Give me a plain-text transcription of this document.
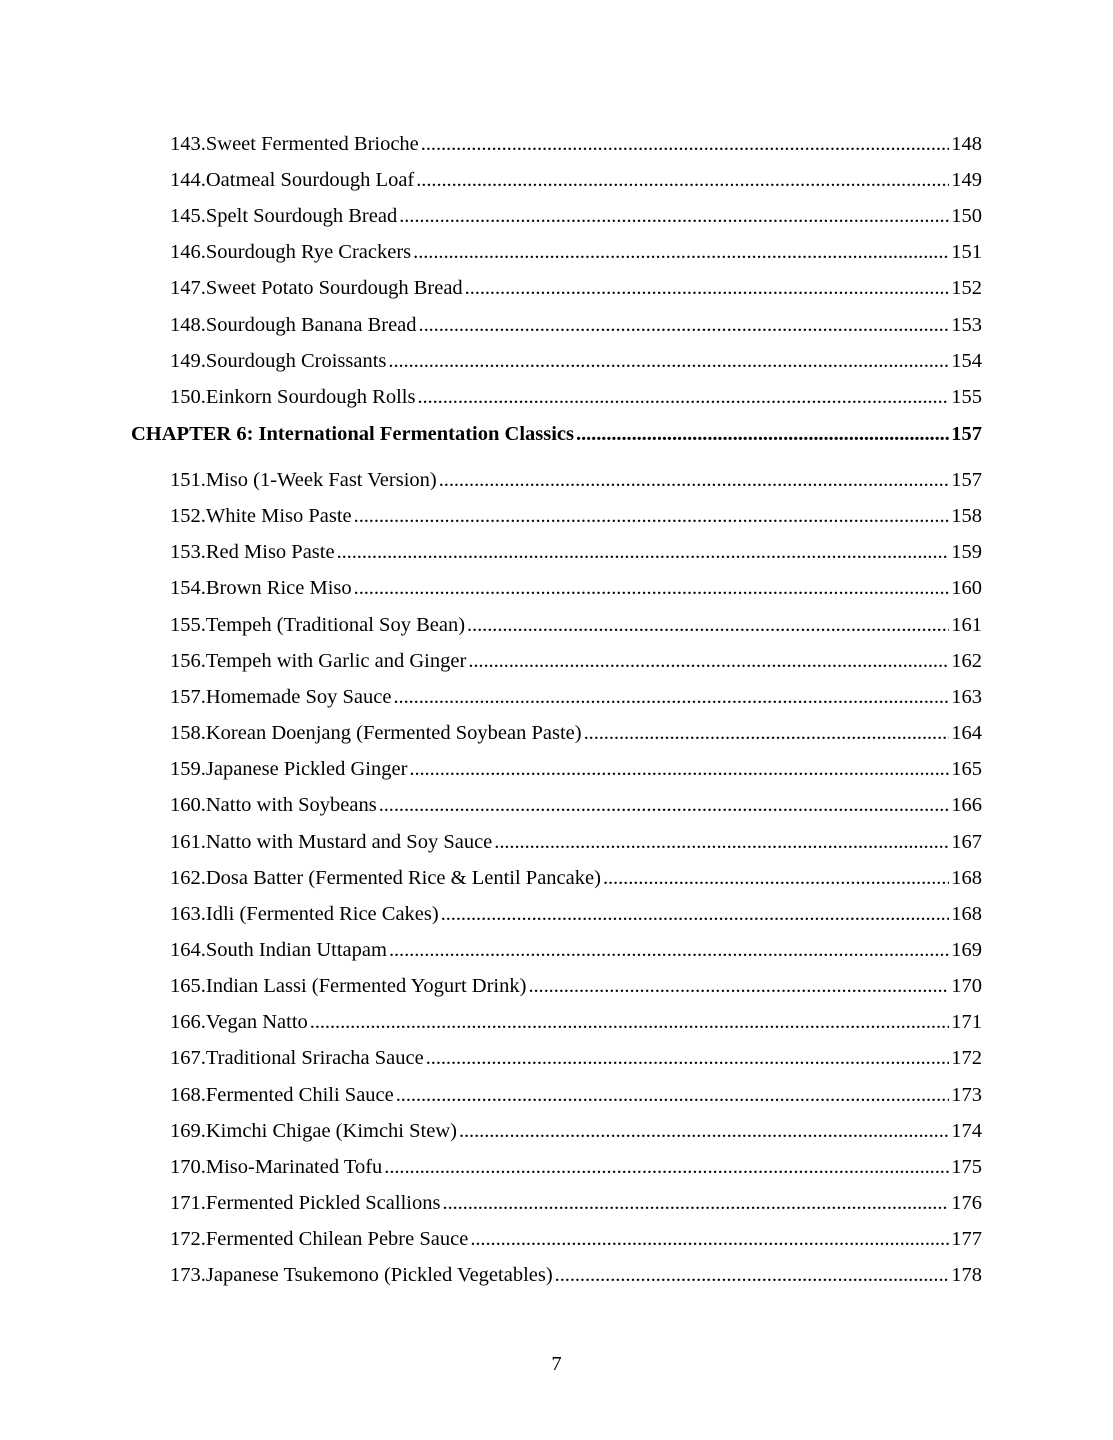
143. Sweet Fermented Brioche . . .	148
144. Oatmeal Sourdough Loaf . . .	149
145. Spelt Sourdough Bread . . .	150
146. Sourdough Rye Crackers . . .	151
147. Sweet Potato Sourdough Bread . . .	152
148. Sourdough Banana Bread . . .	153
149. Sourdough Croissants . . .	154
150. Einkorn Sourdough Rolls . . .	155
CHAPTER 6: International Fermentation Classics . . .	157
151. Miso (1-Week Fast Version) . . .	157
152. White Miso Paste . . .	158
153. Red Miso Paste . . .	159
154. Brown Rice Miso . . .	160
155. Tempeh (Traditional Soy Bean) . . .	161
156. Tempeh with Garlic and Ginger . . .	162
157. Homemade Soy Sauce . . .	163
158. Korean Doenjang (Fermented Soybean Paste) . . .	164
159. Japanese Pickled Ginger . . .	165
160. Natto with Soybeans . . .	166
161. Natto with Mustard and Soy Sauce . . .	167
162. Dosa Batter (Fermented Rice & Lentil Pancake) . . .	168
163. Idli (Fermented Rice Cakes) . . .	168
164. South Indian Uttapam . . .	169
165. Indian Lassi (Fermented Yogurt Drink) . . .	170
166. Vegan Natto . . .	171
167. Traditional Sriracha Sauce . . .	172
168. Fermented Chili Sauce . . .	173
169. Kimchi Chigae (Kimchi Stew) . . .	174
170. Miso-Marinated Tofu . . .	175
171. Fermented Pickled Scallions . . .	176
172. Fermented Chilean Pebre Sauce . . .	177
173. Japanese Tsukemono (Pickled Vegetables) . . .	178
7
